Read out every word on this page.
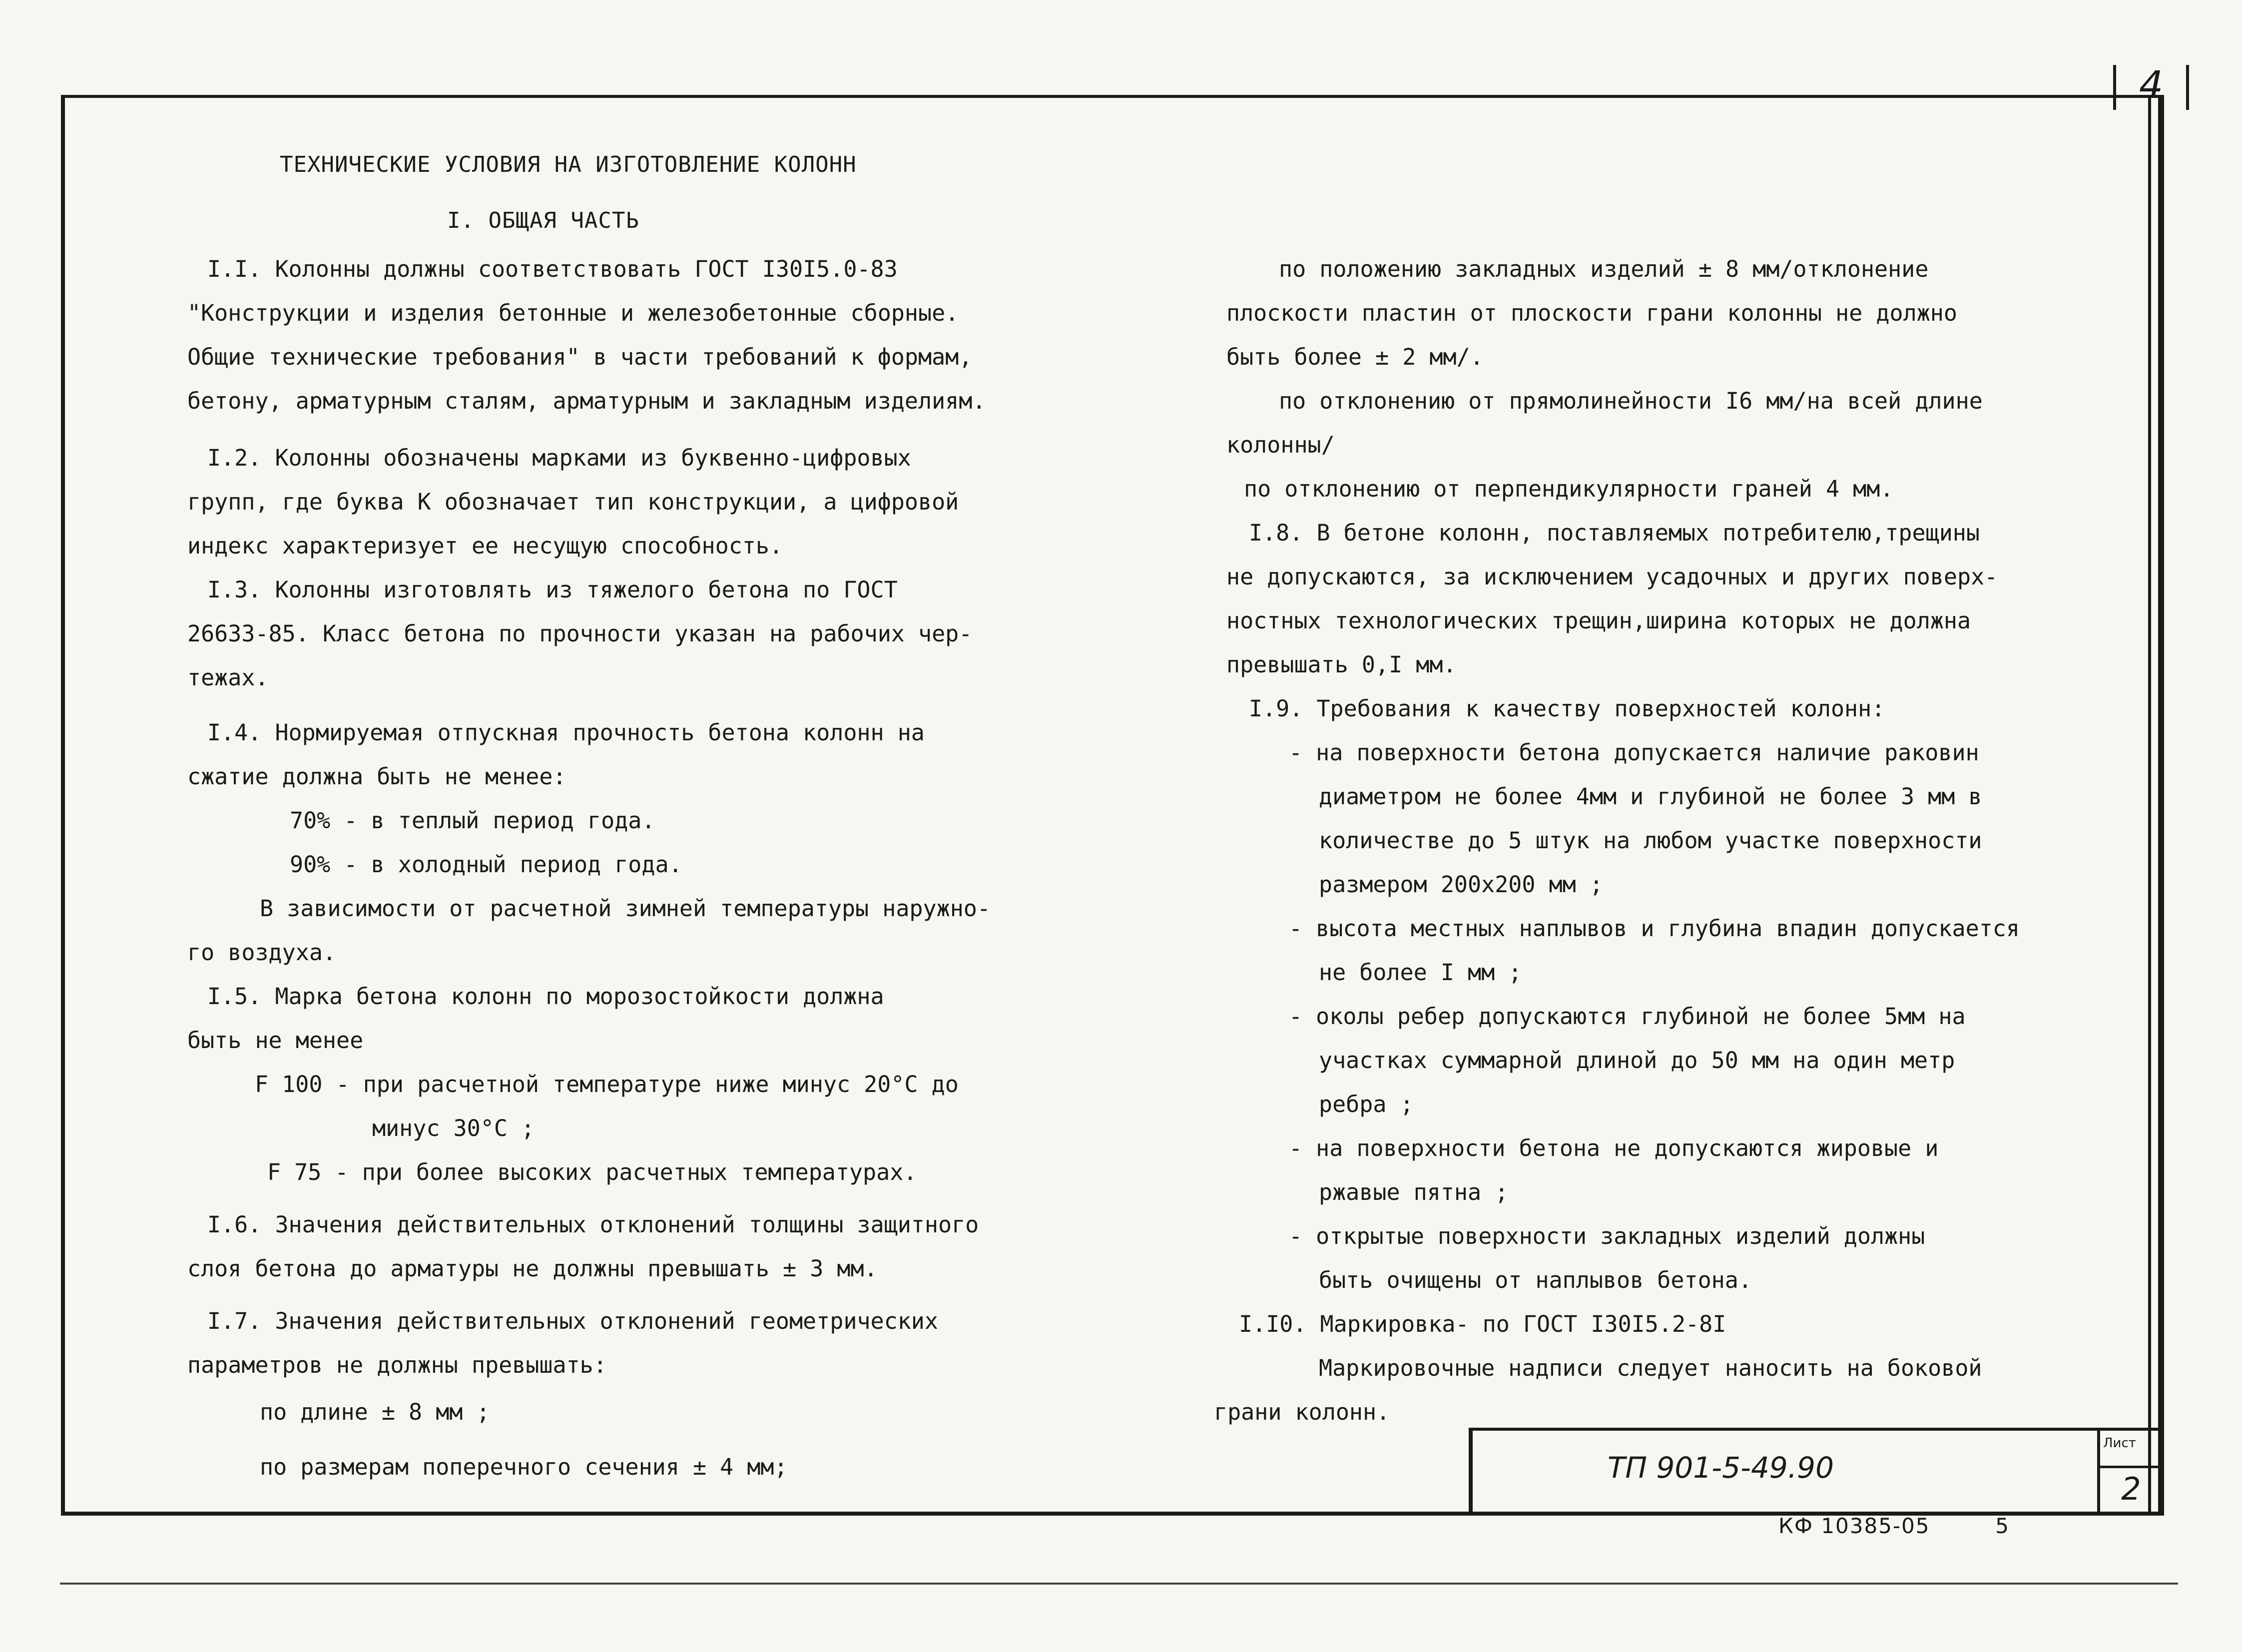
4
ТЕХНИЧЕСКИЕ УСЛОВИЯ НА ИЗГОТОВЛЕНИЕ КОЛОНН
I. ОБЩАЯ ЧАСТЬ
I.I. Колонны должны соответствовать ГОСТ I30I5.0-83
"Конструкции и изделия бетонные и железобетонные сборные.
Общие технические требования" в части требований к формам,
бетону, арматурным сталям, арматурным и закладным изделиям.
I.2. Колонны обозначены марками из буквенно-цифровых
групп, где буква К обозначает тип конструкции, а цифровой
индекс характеризует ее несущую способность.
I.3. Колонны изготовлять из тяжелого бетона по ГОСТ
26633-85. Класс бетона по прочности указан на рабочих чер-
тежах.
I.4. Нормируемая отпускная прочность бетона колонн на
сжатие должна быть не менее:
70% - в теплый период года.
90% - в холодный период года.
В зависимости от расчетной зимней температуры наружно-
го воздуха.
I.5. Марка бетона колонн по морозостойкости должна
быть не менее
F 100 - при расчетной температуре ниже минус 20°С до
минус 30°С ;
F 75 - при более высоких расчетных температурах.
I.6. Значения действительных отклонений толщины защитного
слоя бетона до арматуры не должны превышать ± 3 мм.
I.7. Значения действительных отклонений геометрических
параметров не должны превышать:
по длине ± 8 мм ;
по размерам поперечного сечения ± 4 мм;
по положению закладных изделий ± 8 мм/отклонение
плоскости пластин от плоскости грани колонны не должно
быть более ± 2 мм/.
по отклонению от прямолинейности I6 мм/на всей длине
колонны/
по отклонению от перпендикулярности граней 4 мм.
I.8. В бетоне колонн, поставляемых потребителю,трещины
не допускаются, за исключением усадочных и других поверх-
ностных технологических трещин,ширина которых не должна
превышать 0,I мм.
I.9. Требования к качеству поверхностей колонн:
- на поверхности бетона допускается наличие раковин
диаметром не более 4мм и глубиной не более 3 мм в
количестве до 5 штук на любом участке поверхности
размером 200х200 мм ;
- высота местных наплывов и глубина впадин допускается
не более I мм ;
- околы ребер допускаются глубиной не более 5мм на
участках суммарной длиной до 50 мм на один метр
ребра ;
- на поверхности бетона не допускаются жировые и
ржавые пятна ;
- открытые поверхности закладных изделий должны
быть очищены от наплывов бетона.
I.I0. Маркировка- по ГОСТ I30I5.2-8I
Маркировочные надписи следует наносить на боковой
грани колонн.
ТП 901-5-49.90
Лист
2
КФ 10385-05	5
